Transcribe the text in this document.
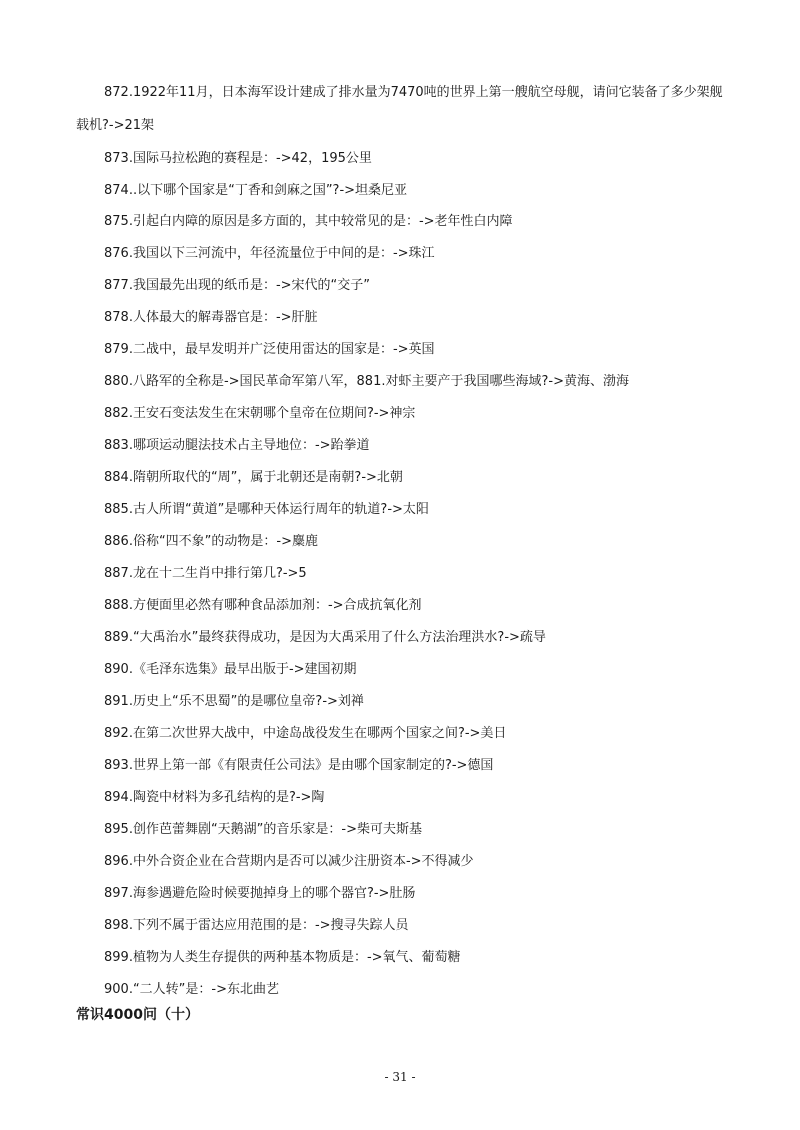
872.1922年11月，日本海军设计建成了排水量为7470吨的世界上第一艘航空母舰，请问它装备了多少架舰
载机?->21架
873.国际马拉松跑的赛程是：->42，195公里
874..以下哪个国家是“丁香和剑麻之国”?->坦桑尼亚
875.引起白内障的原因是多方面的，其中较常见的是：->老年性白内障
876.我国以下三河流中，年径流量位于中间的是：->珠江
877.我国最先出现的纸币是：->宋代的“交子”
878.人体最大的解毒器官是：->肝脏
879.二战中，最早发明并广泛使用雷达的国家是：->英国
880.八路军的全称是->国民革命军第八军，881.对虾主要产于我国哪些海域?->黄海、渤海
882.王安石变法发生在宋朝哪个皇帝在位期间?->神宗
883.哪项运动腿法技术占主导地位：->跆拳道
884.隋朝所取代的“周”，属于北朝还是南朝?->北朝
885.古人所谓“黄道”是哪种天体运行周年的轨道?->太阳
886.俗称“四不象”的动物是：->麋鹿
887.龙在十二生肖中排行第几?->5
888.方便面里必然有哪种食品添加剂：->合成抗氧化剂
889.“大禹治水”最终获得成功，是因为大禹采用了什么方法治理洪水?->疏导
890.《毛泽东选集》最早出版于->建国初期
891.历史上“乐不思蜀”的是哪位皇帝?->刘禅
892.在第二次世界大战中，中途岛战役发生在哪两个国家之间?->美日
893.世界上第一部《有限责任公司法》是由哪个国家制定的?->德国
894.陶瓷中材料为多孔结构的是?->陶
895.创作芭蕾舞剧“天鹅湖”的音乐家是：->柴可夫斯基
896.中外合资企业在合营期内是否可以减少注册资本->不得减少
897.海参遇避危险时候要抛掉身上的哪个器官?->肚肠
898.下列不属于雷达应用范围的是：->搜寻失踪人员
899.植物为人类生存提供的两种基本物质是：->氧气、葡萄糖
900.“二人转”是：->东北曲艺
常识4000问（十）
- 31 -
